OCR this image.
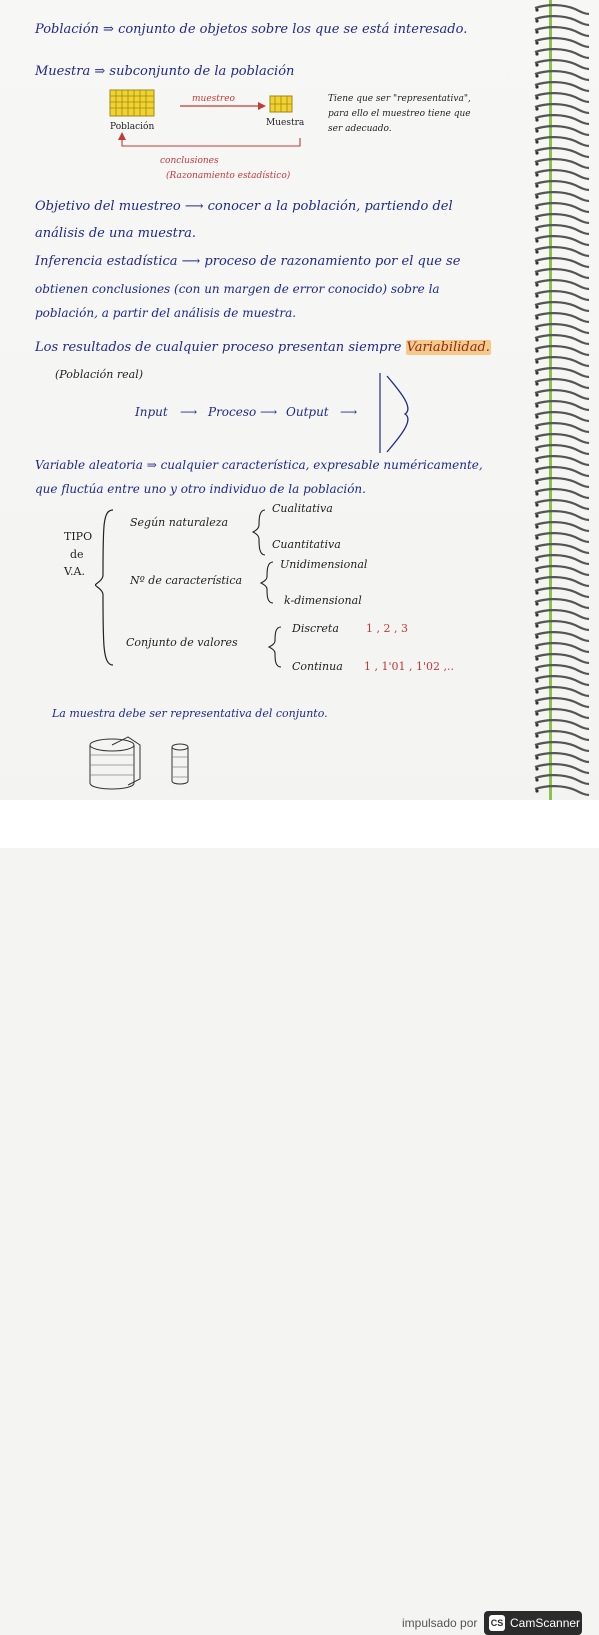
Población ⇒ conjunto de objetos sobre los que se está interesado.
Muestra ⇒ subconjunto de la población
Población	Muestra
muestreo
conclusiones
(Razonamiento estadístico)
Tiene que ser "representativa",
para ello el muestreo tiene que
ser adecuado.
Objetivo del muestreo ⟶ conocer a la población, partiendo del
análisis de una muestra.
Inferencia estadística ⟶ proceso de razonamiento por el que se
obtienen conclusiones (con un margen de error conocido) sobre la
población, a partir del análisis de muestra.
Los resultados de cualquier proceso presentan siempre Variabilidad.
(Población real)
Input ⟶ Proceso ⟶ Output ⟶
Variable aleatoria ⇒ cualquier característica, expresable numéricamente,
que fluctúa entre uno y otro individuo de la población.
TIPO
de
V.A.
Según naturaleza
Cualitativa
Cuantitativa
Nº de característica
Unidimensional
k-dimensional
Conjunto de valores
Discreta 1 , 2 , 3
Continua 1 , 1'01 , 1'02 ,..
La muestra debe ser representativa del conjunto.
impulsado por CS CamScanner
